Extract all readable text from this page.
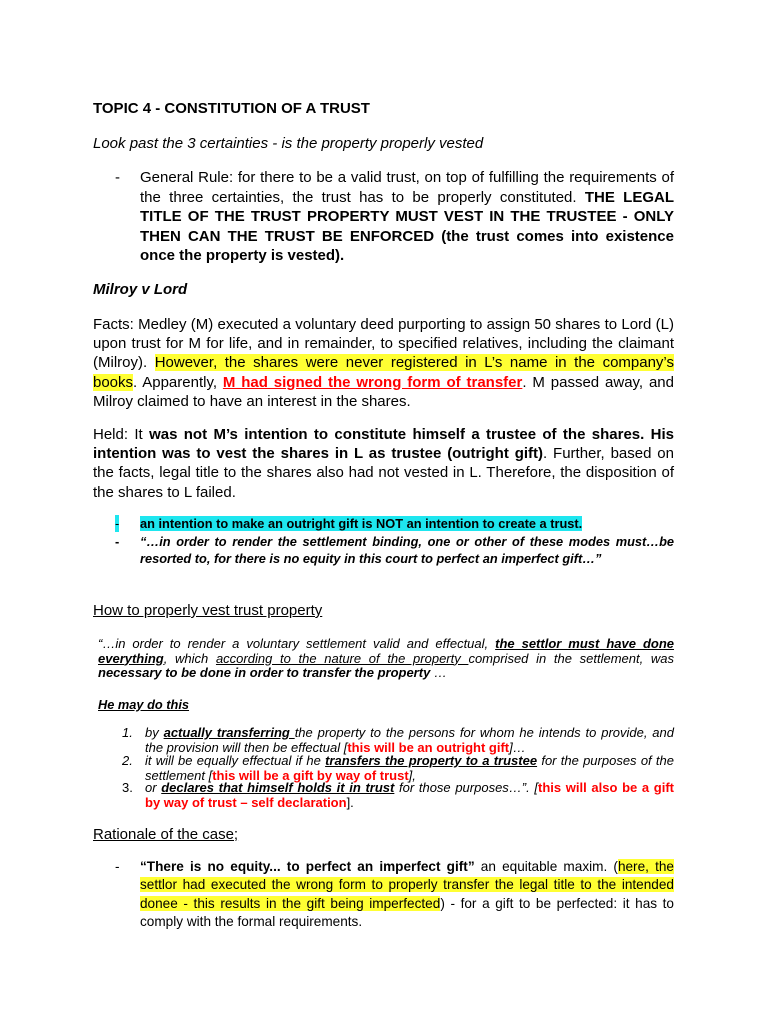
TOPIC 4 - CONSTITUTION OF A TRUST

Look past the 3 certainties - is the property properly vested

- General Rule: for there to be a valid trust, on top of fulfilling the requirements of the three certainties, the trust has to be properly constituted. THE LEGAL TITLE OF THE TRUST PROPERTY MUST VEST IN THE TRUSTEE - ONLY THEN CAN THE TRUST BE ENFORCED (the trust comes into existence once the property is vested).

Milroy v Lord

Facts: Medley (M) executed a voluntary deed purporting to assign 50 shares to Lord (L) upon trust for M for life, and in remainder, to specified relatives, including the claimant (Milroy). However, the shares were never registered in L’s name in the company’s books. Apparently, M had signed the wrong form of transfer. M passed away, and Milroy claimed to have an interest in the shares.

Held: It was not M’s intention to constitute himself a trustee of the shares. His intention was to vest the shares in L as trustee (outright gift). Further, based on the facts, legal title to the shares also had not vested in L. Therefore, the disposition of the shares to L failed.

- an intention to make an outright gift is NOT an intention to create a trust.
- “…in order to render the settlement binding, one or other of these modes must…be resorted to, for there is no equity in this court to perfect an imperfect gift…”

How to properly vest trust property

“…in order to render a voluntary settlement valid and effectual, the settlor must have done everything, which according to the nature of the property comprised in the settlement, was necessary to be done in order to transfer the property …

He may do this

1. by actually transferring the property to the persons for whom he intends to provide, and the provision will then be effectual [this will be an outright gift]…
2. it will be equally effectual if he transfers the property to a trustee for the purposes of the settlement [this will be a gift by way of trust],
3. or declares that himself holds it in trust for those purposes…”. [this will also be a gift by way of trust – self declaration].

Rationale of the case;

- “There is no equity... to perfect an imperfect gift” an equitable maxim. (here, the settlor had executed the wrong form to properly transfer the legal title to the intended donee - this results in the gift being imperfected) - for a gift to be perfected: it has to comply with the formal requirements.
